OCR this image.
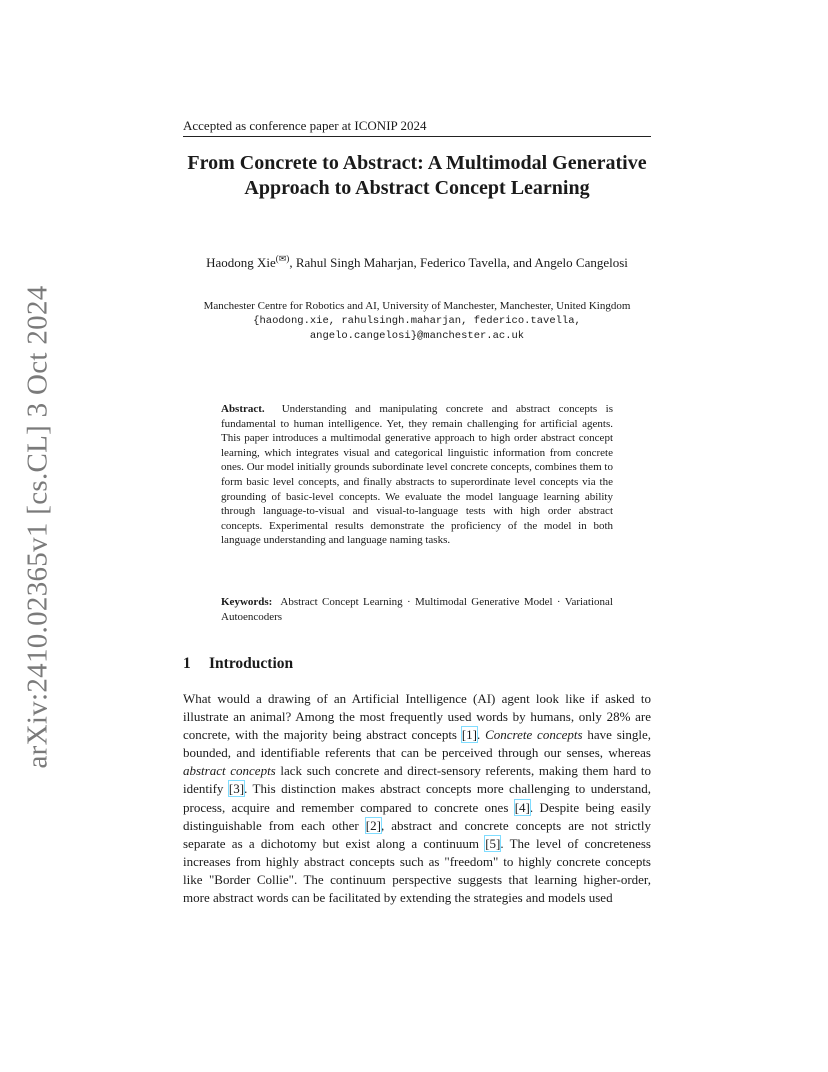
arXiv:2410.02365v1 [cs.CL] 3 Oct 2024
Accepted as conference paper at ICONIP 2024
From Concrete to Abstract: A Multimodal Generative Approach to Abstract Concept Learning
Haodong Xie(✉), Rahul Singh Maharjan, Federico Tavella, and Angelo Cangelosi
Manchester Centre for Robotics and AI, University of Manchester, Manchester, United Kingdom
{haodong.xie, rahulsingh.maharjan, federico.tavella, angelo.cangelosi}@manchester.ac.uk
Abstract. Understanding and manipulating concrete and abstract concepts is fundamental to human intelligence. Yet, they remain challenging for artificial agents. This paper introduces a multimodal generative approach to high order abstract concept learning, which integrates visual and categorical linguistic information from concrete ones. Our model initially grounds subordinate level concrete concepts, combines them to form basic level concepts, and finally abstracts to superordinate level concepts via the grounding of basic-level concepts. We evaluate the model language learning ability through language-to-visual and visual-to-language tests with high order abstract concepts. Experimental results demonstrate the proficiency of the model in both language understanding and language naming tasks.
Keywords: Abstract Concept Learning · Multimodal Generative Model · Variational Autoencoders
1 Introduction
What would a drawing of an Artificial Intelligence (AI) agent look like if asked to illustrate an animal? Among the most frequently used words by humans, only 28% are concrete, with the majority being abstract concepts [1]. Concrete concepts have single, bounded, and identifiable referents that can be perceived through our senses, whereas abstract concepts lack such concrete and direct-sensory referents, making them hard to identify [3]. This distinction makes abstract concepts more challenging to understand, process, acquire and remember compared to concrete ones [4]. Despite being easily distinguishable from each other [2], abstract and concrete concepts are not strictly separate as a dichotomy but exist along a continuum [5]. The level of concreteness increases from highly abstract concepts such as "freedom" to highly concrete concepts like "Border Collie". The continuum perspective suggests that learning higher-order, more abstract words can be facilitated by extending the strategies and models used
